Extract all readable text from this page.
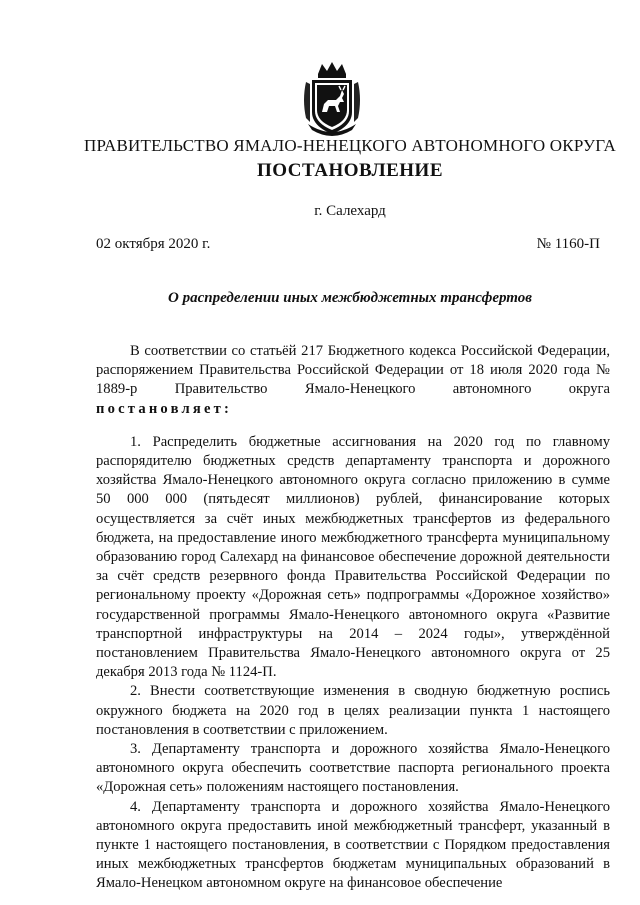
ПРАВИТЕЛЬСТВО ЯМАЛО-НЕНЕЦКОГО АВТОНОМНОГО ОКРУГА
ПОСТАНОВЛЕНИЕ
г. Салехард
02 октября 2020 г.	№ 1160-П
О распределении иных межбюджетных трансфертов

В соответствии со статьёй 217 Бюджетного кодекса Российской Федерации, распоряжением Правительства Российской Федерации от 18 июля 2020 года № 1889-р Правительство Ямало-Ненецкого автономного округа постановляет:

1. Распределить бюджетные ассигнования на 2020 год по главному распорядителю бюджетных средств департаменту транспорта и дорожного хозяйства Ямало-Ненецкого автономного округа согласно приложению в сумме 50 000 000 (пятьдесят миллионов) рублей, финансирование которых осуществляется за счёт иных межбюджетных трансфертов из федерального бюджета, на предоставление иного межбюджетного трансферта муниципальному образованию город Салехард на финансовое обеспечение дорожной деятельности за счёт средств резервного фонда Правительства Российской Федерации по региональному проекту «Дорожная сеть» подпрограммы «Дорожное хозяйство» государственной программы Ямало-Ненецкого автономного округа «Развитие транспортной инфраструктуры на 2014 – 2024 годы», утверждённой постановлением Правительства Ямало-Ненецкого автономного округа от 25 декабря 2013 года № 1124-П.

2. Внести соответствующие изменения в сводную бюджетную роспись окружного бюджета на 2020 год в целях реализации пункта 1 настоящего постановления в соответствии с приложением.

3. Департаменту транспорта и дорожного хозяйства Ямало-Ненецкого автономного округа обеспечить соответствие паспорта регионального проекта «Дорожная сеть» положениям настоящего постановления.

4. Департаменту транспорта и дорожного хозяйства Ямало-Ненецкого автономного округа предоставить иной межбюджетный трансферт, указанный в пункте 1 настоящего постановления, в соответствии с Порядком предоставления иных межбюджетных трансфертов бюджетам муниципальных образований в Ямало-Ненецком автономном округе на финансовое обеспечение
